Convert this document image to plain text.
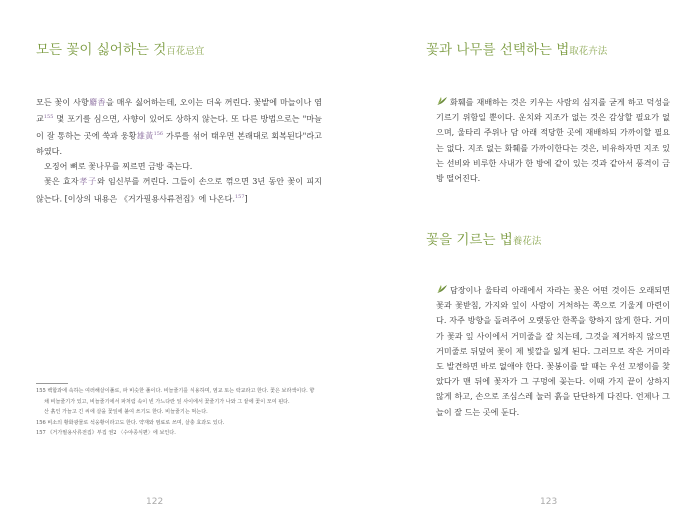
모든 꽃이 싫어하는 것百花忌宜

모든 꽃이 사향麝香을 매우 싫어하는데, 오이는 더욱 꺼린다. 꽃밭에 마늘이나 염교$^{155}$ 몇 포기를 심으면, 사향이 있어도 상하지 않는다. 또 다른 방법으로는 "마늘이 잘 통하는 곳에 쑥과 웅황雄黃$^{156}$ 가루를 섞어 태우면 본래대로 회복된다"라고 하였다.

오징어 뼈로 꽃나무를 찌르면 금방 죽는다.

꽃은 효자孝子와 임신부를 꺼린다. 그들이 손으로 꺾으면 3년 동안 꽃이 피지 않는다. [이상의 내용은 《거가필용사류전집》에 나온다.$^{157}$]

155 백합과에 속하는 여러해살이풀로, 파 비슷한 풀이다. 비늘줄기를 식용하며, 염교 또는 락교라고 한다. 꽃은 보라색이다. 향
채 비늘줄기가 있고, 비늘줄기에서 파처럼 속이 빈 가느다란 잎 사이에서 꽃줄기가 나와 그 끝에 꽃이 모여 핀다.
산 흙인 가늘고 긴 씨에 살을 꽃잎에 붙여 쓰기도 한다. 비늘줄기는 먹는다.
156 비소의 황화광물로 석웅황이라고도 한다. 약재와 염료로 쓰며, 살충 효과도 있다.
157 《거가필용사류전집》부집 권2 〈수야종식편〉에 보인다.
122
꽃과 나무를 선택하는 법取花卉法

화훼를 재배하는 것은 키우는 사람의 심지를 굳게 하고 덕성을 기르기 위함일 뿐이다. 운치와 지조가 없는 것은 감상할 필요가 없으며, 울타리 주위나 담 아래 적당한 곳에 재배하되 가까이할 필요는 없다. 지조 없는 화훼를 가까이한다는 것은, 비유하자면 지조 있는 선비와 비루한 사내가 한 방에 같이 있는 것과 같아서 풍격이 금방 떨어진다.

꽃을 기르는 법養花法

담장이나 울타리 아래에서 자라는 꽃은 어떤 것이든 오래되면 꽃과 꽃받침, 가지와 잎이 사람이 거처하는 쪽으로 기울게 마련이다. 자주 방향을 돌려주어 오랫동안 한쪽을 향하지 않게 한다. 거미가 꽃과 잎 사이에서 거미줄을 잘 치는데, 그것을 제거하지 않으면 거미줄로 뒤덮여 꽃이 제 빛깔을 잃게 된다. 그러므로 작은 거미라도 발견하면 바로 없애야 한다. 꽃봉이를 딸 때는 우선 꼬챙이를 찾았다가 맨 뒤에 꽃자가 그 구멍에 꽂는다. 이때 가지 끝이 상하지 않게 하고, 손으로 조심스레 눌러 흙을 단단하게 다진다. 언제나 그늘이 잘 드는 곳에 둔다.

123
